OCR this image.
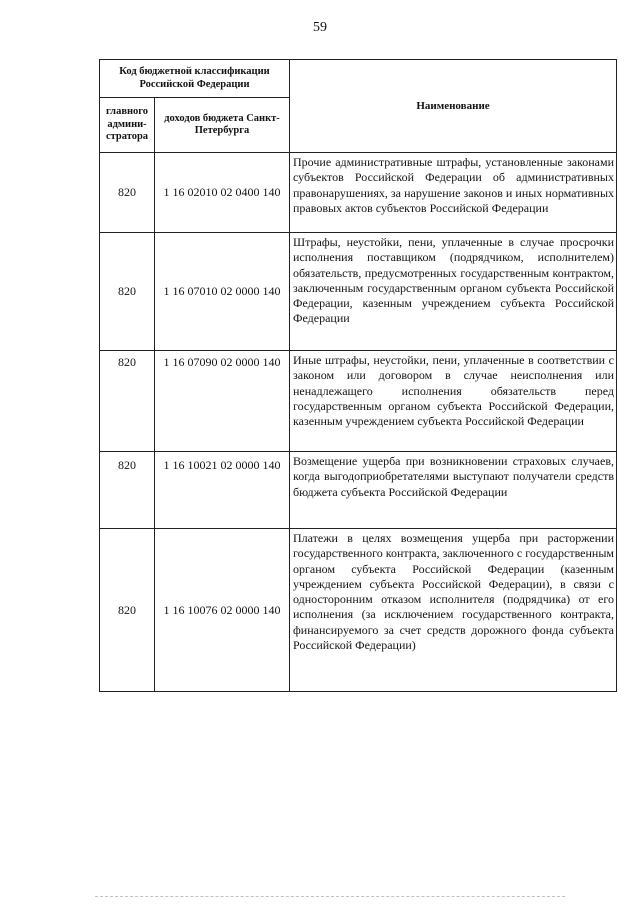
59
Код бюджетной классификации Российской Федерации		Наименование
главного админи-стратора	доходов бюджета Санкт-Петербурга	
820	1 16 02010 02 0400 140	Прочие административные штрафы, установленные законами субъектов Российской Федерации об административных правонарушениях, за нарушение законов и иных нормативных правовых актов субъектов Российской Федерации

820	1 16 07010 02 0000 140	Штрафы, неустойки, пени, уплаченные в случае просрочки исполнения поставщиком (подрядчиком, исполнителем) обязательств, предусмотренных государственным контрактом, заключенным государственным органом субъекта Российской Федерации, казенным учреждением субъекта Российской Федерации

820	1 16 07090 02 0000 140	Иные штрафы, неустойки, пени, уплаченные в соответствии с законом или договором в случае неисполнения или ненадлежащего исполнения обязательств перед государственным органом субъекта Российской Федерации, казенным учреждением субъекта Российской Федерации

820	1 16 10021 02 0000 140	Возмещение ущерба при возникновении страховых случаев, когда выгодоприобретателями выступают получатели средств бюджета субъекта Российской Федерации

820	1 16 10076 02 0000 140	Платежи в целях возмещения ущерба при расторжении государственного контракта, заключенного с государственным органом субъекта Российской Федерации (казенным учреждением субъекта Российской Федерации), в связи с односторонним отказом исполнителя (подрядчика) от его исполнения (за исключением государственного контракта, финансируемого за счет средств дорожного фонда субъекта Российской Федерации)
